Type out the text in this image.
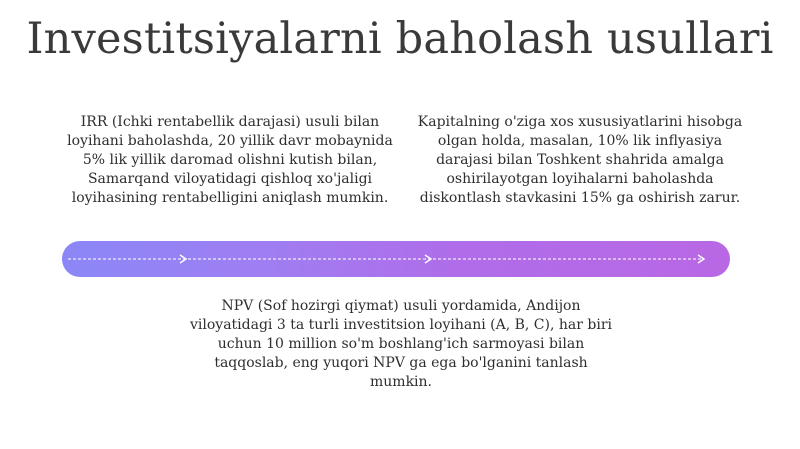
Investitsiyalarni baholash usullari

IRR (Ichki rentabellik darajasi) usuli bilan loyihani baholashda, 20 yillik davr mobaynida 5% lik yillik daromad olishni kutish bilan, Samarqand viloyatidagi qishloq xo'jaligi loyihasining rentabelligini aniqlash mumkin.

Kapitalning o'ziga xos xususiyatlarini hisobga olgan holda, masalan, 10% lik inflyasiya darajasi bilan Toshkent shahrida amalga oshirilayotgan loyihalarni baholashda diskontlash stavkasini 15% ga oshirish zarur.

NPV (Sof hozirgi qiymat) usuli yordamida, Andijon viloyatidagi 3 ta turli investitsion loyihani (A, B, C), har biri uchun 10 million so'm boshlang'ich sarmoyasi bilan taqqoslab, eng yuqori NPV ga ega bo'lganini tanlash mumkin.
